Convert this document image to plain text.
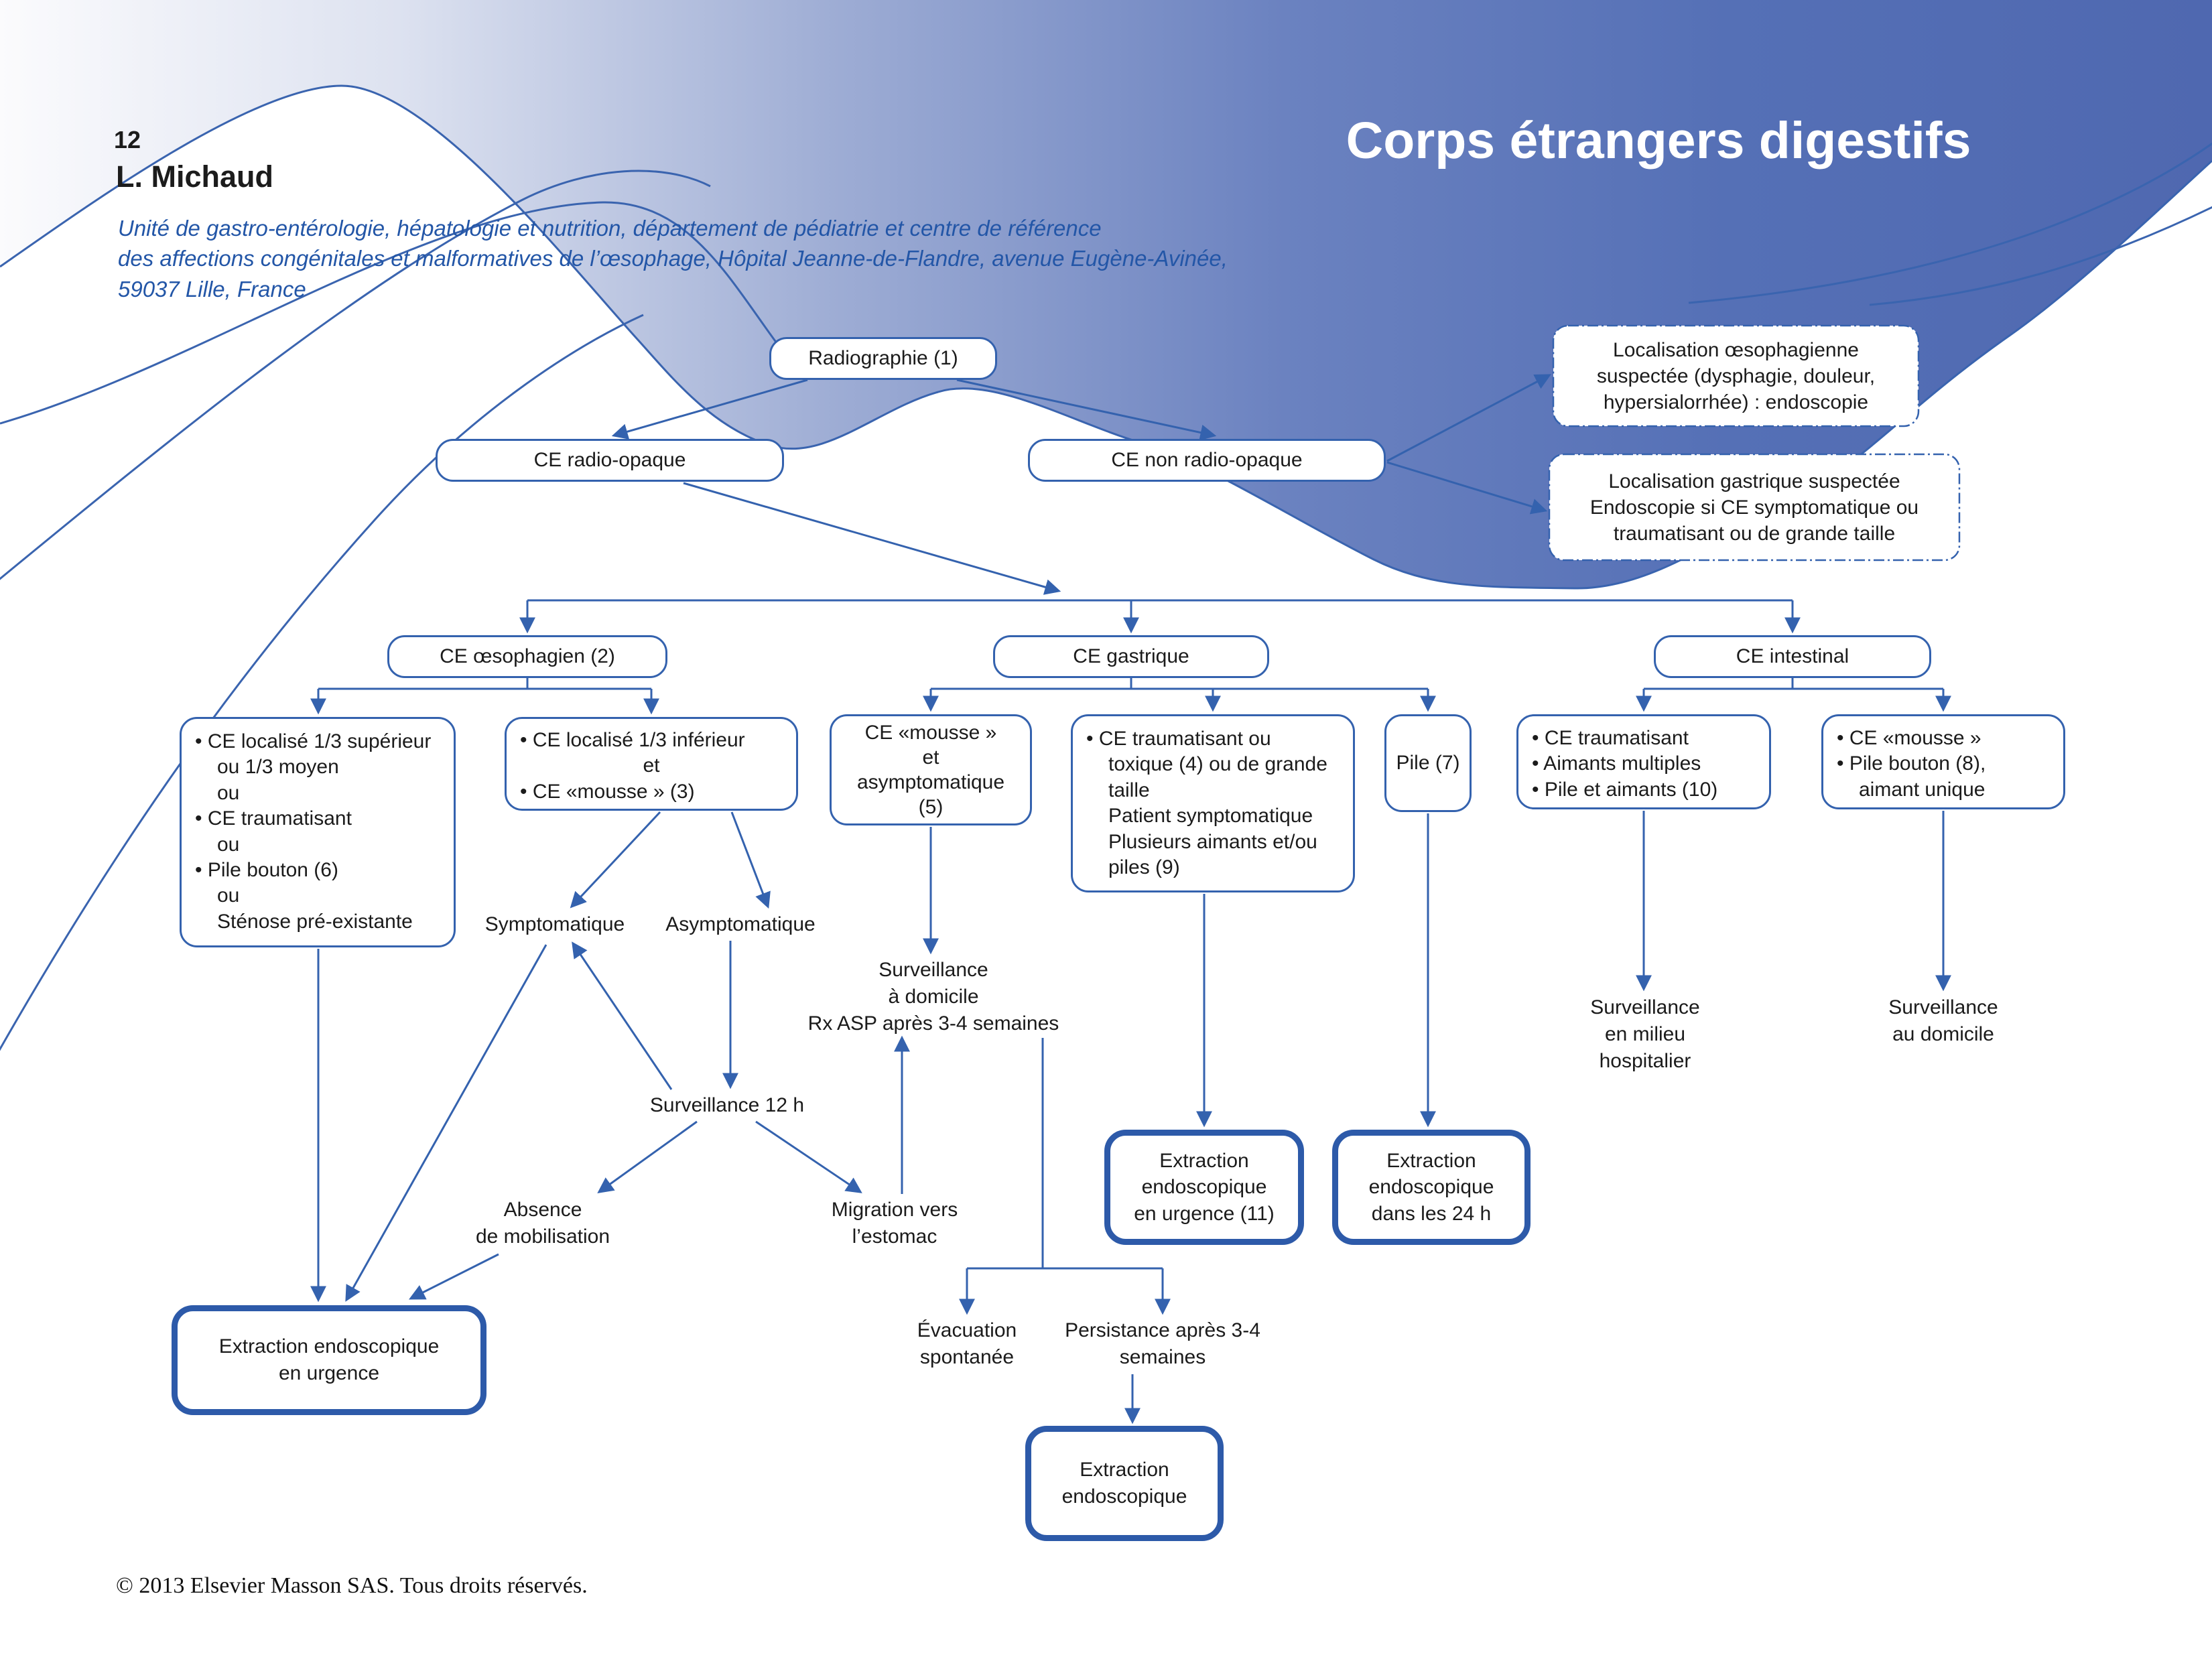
12	Corps étrangers digestifs
L. Michaud
Unité de gastro-entérologie, hépatologie et nutrition, département de pédiatrie et centre de référence
des affections congénitales et malformatives de l’œsophage, Hôpital Jeanne-de-Flandre, avenue Eugène-Avinée,
59037 Lille, France
Radiographie (1)
CE radio-opaque	CE non radio-opaque
Localisation œsophagienne
suspectée (dysphagie, douleur,
hypersialorrhée) : endoscopie
Localisation gastrique suspectée
Endoscopie si CE symptomatique ou
traumatisant ou de grande taille
CE œsophagien (2)	CE gastrique	CE intestinal
• CE localisé 1/3 supérieur
ou 1/3 moyen
ou
• CE traumatisant
ou
• Pile bouton (6)
ou
Sténose pré-existante
• CE localisé 1/3 inférieur
et
• CE «mousse » (3)
CE «mousse »
et
asymptomatique
(5)
• CE traumatisant ou
toxique (4) ou de grande
taille
Patient symptomatique
Plusieurs aimants et/ou
piles (9)
Pile (7)
• CE traumatisant
• Aimants multiples
• Pile et aimants (10)
• CE «mousse »
• Pile bouton (8),
aimant unique
Symptomatique	Asymptomatique
Surveillance
à domicile
Rx ASP après 3-4 semaines
Surveillance 12 h
Absence
de mobilisation
Migration vers
l’estomac
Évacuation
spontanée
Persistance après 3-4
semaines
Surveillance
en milieu
hospitalier
Surveillance
au domicile
Extraction endoscopique
en urgence
Extraction
endoscopique
en urgence (11)
Extraction
endoscopique
dans les 24 h
Extraction
endoscopique
© 2013 Elsevier Masson SAS. Tous droits réservés.
